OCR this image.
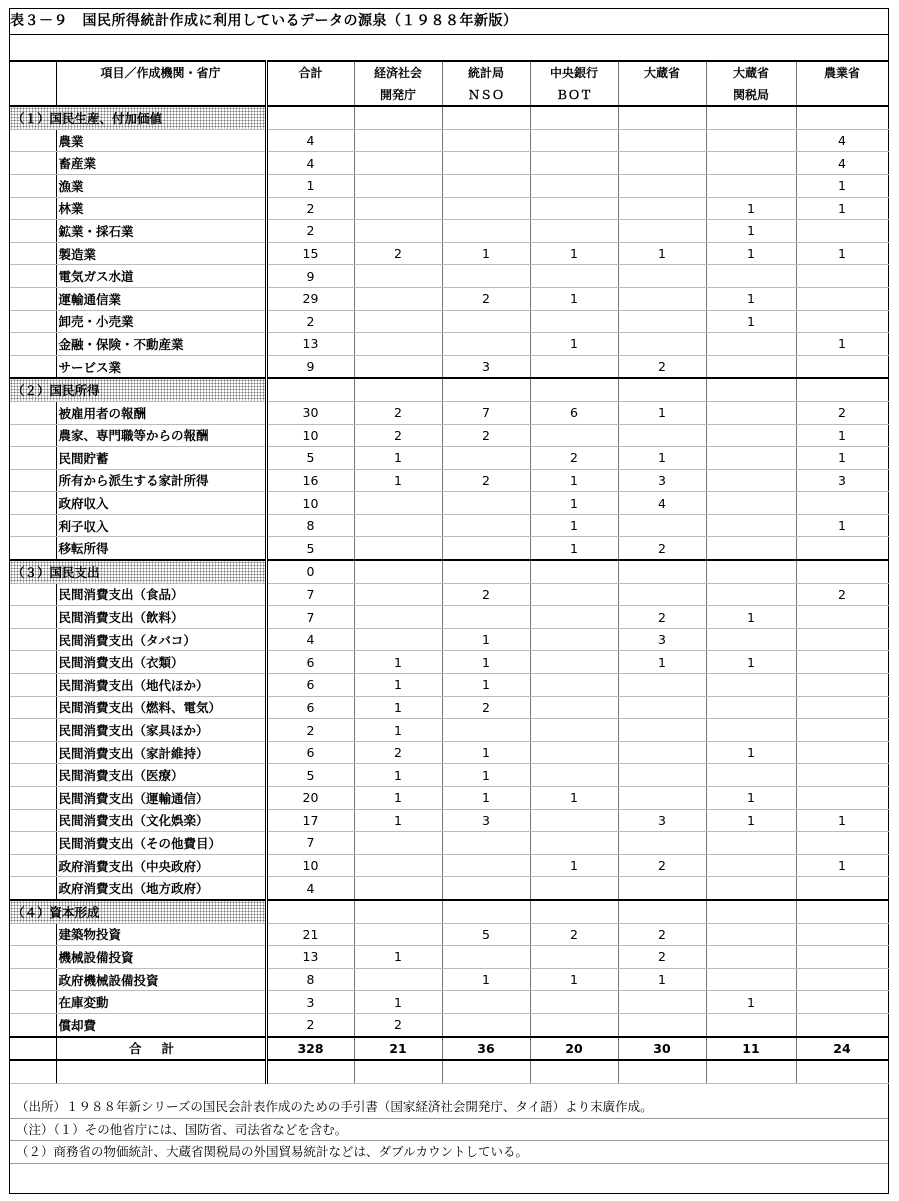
表３－９　国民所得統計作成に利用しているデータの源泉（１９８８年新版）
	項目／作成機関・省庁	合計	経済社会	統計局	中央銀行	大蔵省	大蔵省	農業省
			開発庁	ＮＳＯ	ＢＯＴ		関税局	
（１）国民生産、付加価値								
	農業	4						4
	畜産業	4						4
	漁業	1						1
	林業	2					1	1
	鉱業・採石業	2					1	
	製造業	15	2	1	1	1	1	1
	電気ガス水道	9						
	運輸通信業	29		2	1		1	
	卸売・小売業	2					1	
	金融・保険・不動産業	13			1			1
	サービス業	9		3		2		
（２）国民所得								
	被雇用者の報酬	30	2	7	6	1		2
	農家、専門職等からの報酬	10	2	2				1
	民間貯蓄	5	1		2	1		1
	所有から派生する家計所得	16	1	2	1	3		3
	政府収入	10			1	4		
	利子収入	8			1			1
	移転所得	5			1	2		
（３）国民支出		0						
	民間消費支出（食品）	7		2				2
	民間消費支出（飲料）	7				2	1	
	民間消費支出（タバコ）	4		1		3		
	民間消費支出（衣類）	6	1	1		1	1	
	民間消費支出（地代ほか）	6	1	1				
	民間消費支出（燃料、電気）	6	1	2				
	民間消費支出（家具ほか）	2	1					
	民間消費支出（家計維持）	6	2	1			1	
	民間消費支出（医療）	5	1	1				
	民間消費支出（運輸通信）	20	1	1	1		1	
	民間消費支出（文化娯楽）	17	1	3		3	1	1
	民間消費支出（その他費目）	7						
	政府消費支出（中央政府）	10			1	2		1
	政府消費支出（地方政府）	4						
（４）資本形成								
	建築物投資	21		5	2	2		
	機械設備投資	13	1			2		
	政府機械設備投資	8		1	1	1		
	在庫変動	3	1				1	
	償却費	2	2					
	合計	328	21	36	20	30	11	24

（出所）１９８８年新シリーズの国民会計表作成のための手引書（国家経済社会開発庁、タイ語）より末廣作成。
（注）（１）その他省庁には、国防省、司法省などを含む。
（２）商務省の物価統計、大蔵省関税局の外国貿易統計などは、ダブルカウントしている。
